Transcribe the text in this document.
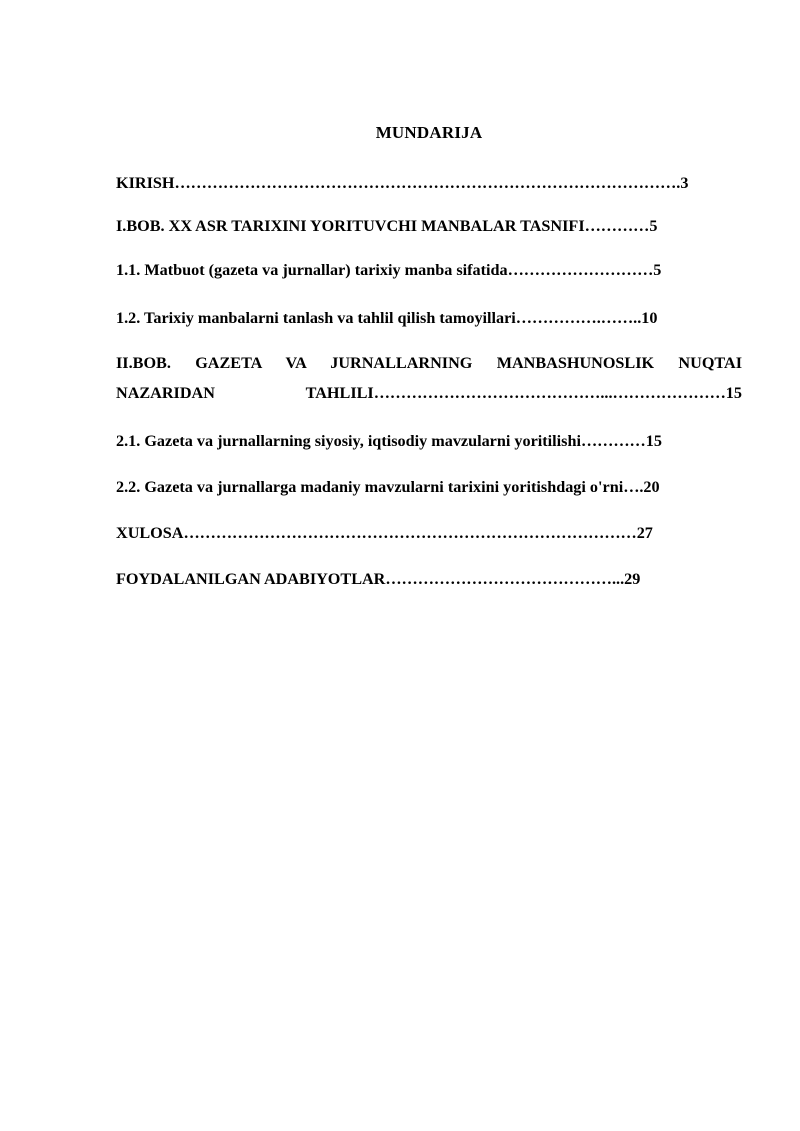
MUNDARIJA
KIRISH………………………………………………………………………………….3
I.BOB. XX ASR TARIXINI YORITUVCHI MANBALAR TASNIFI…………5
1.1. Matbuot (gazeta va jurnallar) tarixiy manba sifatida………………………5
1.2. Tarixiy manbalarni tanlash va tahlil qilish tamoyillari…………….……..10
II.BOB. GAZETA VA JURNALLARNING MANBASHUNOSLIK NUQTAI NAZARIDAN TAHLILI……………………………………...…………………15
2.1. Gazeta va jurnallarning siyosiy, iqtisodiy mavzularni yoritilishi…………15
2.2. Gazeta va jurnallarga madaniy mavzularni tarixini yoritishdagi o'rni….20
XULOSA…………………………………………………………………………27
FOYDALANILGAN ADABIYOTLAR……………………………………...29
